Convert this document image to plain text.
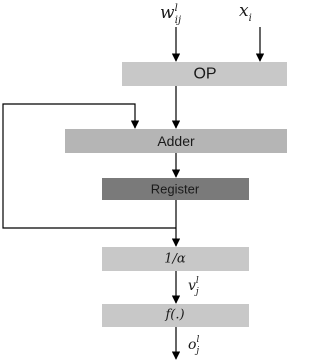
$w^l$ ij	$x_i$
OP
Adder
Register
1/α
$v^l$ j
f(.)
$o^l$ j
